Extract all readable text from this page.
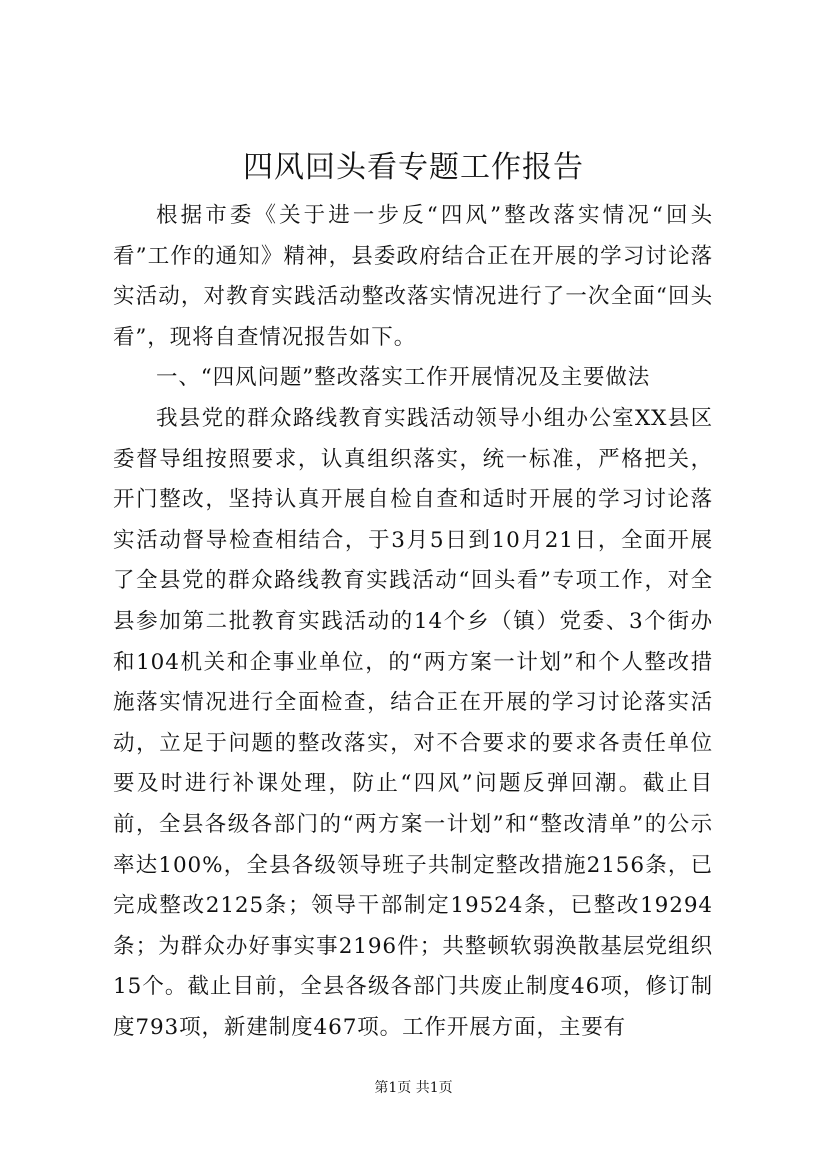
四风回头看专题工作报告

根据市委《关于进一步反“四风”整改落实情况“回头看”工作的通知》精神，县委政府结合正在开展的学习讨论落实活动，对教育实践活动整改落实情况进行了一次全面“回头看”，现将自查情况报告如下。

一、“四风问题”整改落实工作开展情况及主要做法

我县党的群众路线教育实践活动领导小组办公室XX县区委督导组按照要求，认真组织落实，统一标准，严格把关，开门整改，坚持认真开展自检自查和适时开展的学习讨论落实活动督导检查相结合，于3月5日到10月21日，全面开展了全县党的群众路线教育实践活动“回头看”专项工作，对全县参加第二批教育实践活动的14个乡（镇）党委、3个街办和104机关和企事业单位，的“两方案一计划”和个人整改措施落实情况进行全面检查，结合正在开展的学习讨论落实活动，立足于问题的整改落实，对不合要求的要求各责任单位要及时进行补课处理，防止“四风”问题反弹回潮。截止目前，全县各级各部门的“两方案一计划”和“整改清单”的公示率达100%，全县各级领导班子共制定整改措施2156条，已完成整改2125条；领导干部制定19524条，已整改19294条；为群众办好事实事2196件；共整顿软弱涣散基层党组织15个。截止目前，全县各级各部门共废止制度46项，修订制度793项，新建制度467项。工作开展方面，主要有

第1页 共1页
